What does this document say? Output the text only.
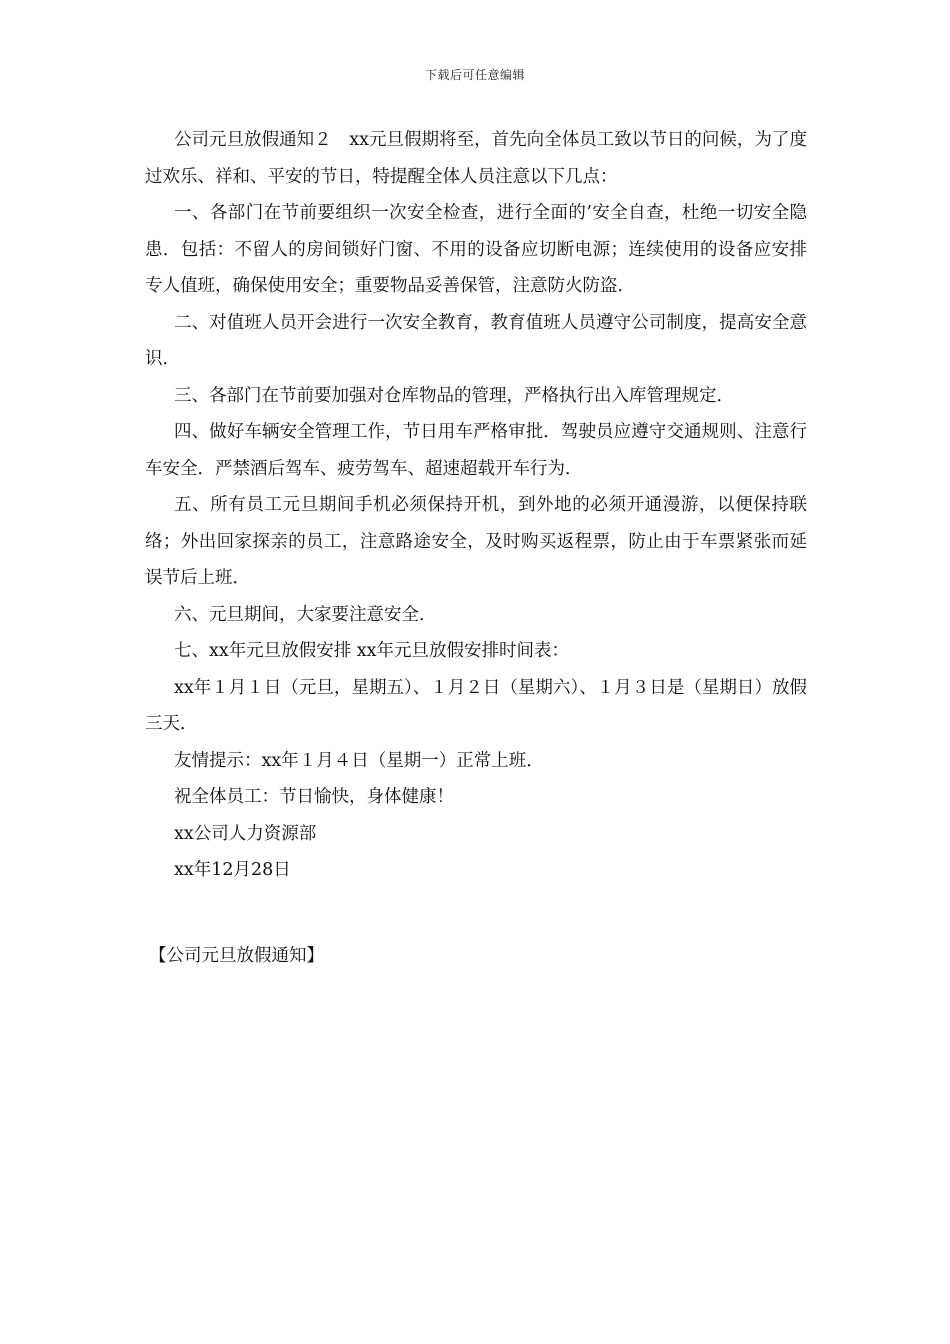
下载后可任意编辑

公司元旦放假通知２　xx元旦假期将至，首先向全体员工致以节日的问候，为了度过欢乐、祥和、平安的节日，特提醒全体人员注意以下几点：

一、各部门在节前要组织一次安全检查，进行全面的’安全自查，杜绝一切安全隐患．包括：不留人的房间锁好门窗、不用的设备应切断电源；连续使用的设备应安排专人值班，确保使用安全；重要物品妥善保管，注意防火防盗．

二、对值班人员开会进行一次安全教育，教育值班人员遵守公司制度，提高安全意识．

三、各部门在节前要加强对仓库物品的管理，严格执行出入库管理规定．

四、做好车辆安全管理工作，节日用车严格审批．驾驶员应遵守交通规则、注意行车安全．严禁酒后驾车、疲劳驾车、超速超载开车行为．

五、所有员工元旦期间手机必须保持开机，到外地的必须开通漫游，以便保持联络；外出回家探亲的员工，注意路途安全，及时购买返程票，防止由于车票紧张而延误节后上班．

六、元旦期间，大家要注意安全．

七、xx年元旦放假安排 xx年元旦放假安排时间表：

xx年１月１日（元旦，星期五）、１月２日（星期六）、１月３日是（星期日）放假三天．

友情提示：xx年１月４日（星期一）正常上班．

祝全体员工：节日愉快，身体健康！

xx公司人力资源部

xx年12月28日

【公司元旦放假通知】
